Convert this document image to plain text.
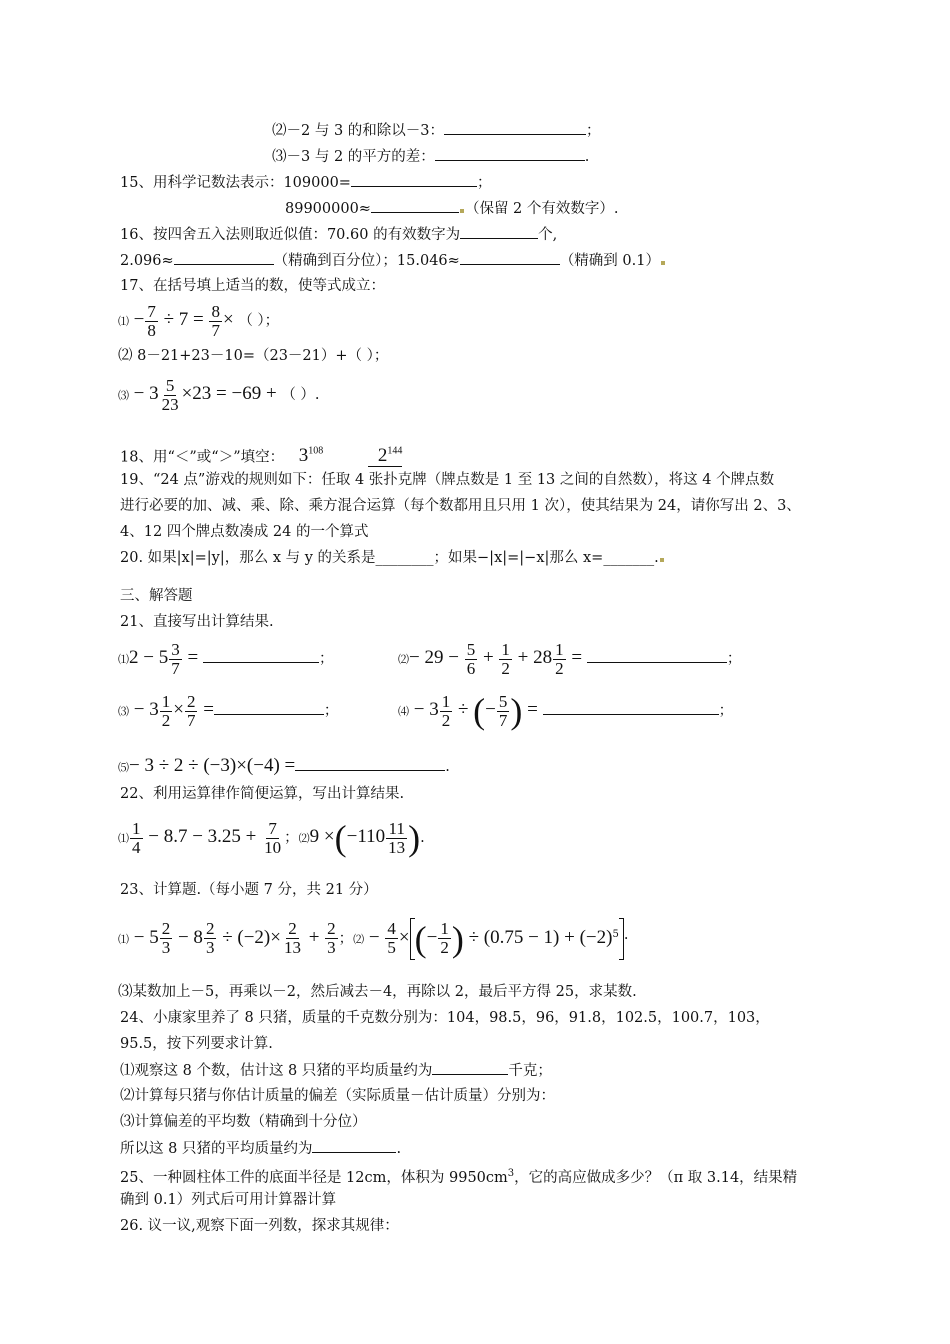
⑵－2 与 3 的和除以－3：	；
⑶－3 与 2 的平方的差：	.
15、用科学记数法表示：109000=	；
89900000≈	（保留 2 个有效数字）.
16、按四舍五入法则取近似值：70.60 的有效数字为	个,
2.096≈	（精确到百分位）；15.046≈	（精确到 0.1）
17、在括号填上适当的数，使等式成立：
⑴ − $\frac{7}{8} \div 7 = \frac{8}{7}$ × （ ）；
⑵ 8－21+23－10=（23－21）+（ ）；
⑶ − $3 \frac{5}{23} \times 23 = -69$ + （ ）.
18、用“＜”或“＞”填空： $3^{108}$	$2^{144}$
19、“24 点”游戏的规则如下：任取 4 张扑克牌（牌点数是 1 至 13 之间的自然数），将这 4 个牌点数
进行必要的加、减、乘、除、乘方混合运算（每个数都用且只用 1 次），使其结果为 24，请你写出 2、3、
4、12 四个牌点数凑成 24 的一个算式
20. 如果|x|=|y|，那么 x 与 y 的关系是________；如果−|x|=|−x|那么 x=_______.
三、解答题
21、直接写出计算结果.
⑴2 − $5 \frac{3}{7}$ =	；	⑵− $29 - \frac{5}{6} + \frac{1}{2} + 28 \frac{1}{2}$ =	；
⑶ − $3 \frac{1}{2} \times \frac{2}{7}$ =	；	⑷ − $3 \frac{1}{2}$ ÷ (− $\frac{5}{7}$ ) =	；
⑸− 3 ÷ 2 ÷ (−3)×(−4) =	.
22、利用运算律作简便运算，写出计算结果.
⑴ $\frac{1}{4} - 8.7 - 3.25 + \frac{7}{10}$ ；⑵9 $\times(-110 \frac{11}{13}$ ).
23、计算题.（每小题 7 分，共 21 分）
⑴ − $5 \frac{2}{3} - 8 \frac{2}{3} \div (-2)\times \frac{2}{13} + \frac{2}{3}$ ；⑵ − $\frac{4}{5}$ × (− $\frac{1}{2}$ ) ÷ $(0.75 - 1) + (-2)^5$ ·
⑶某数加上－5，再乘以－2，然后减去－4，再除以 2，最后平方得 25，求某数.
24、小康家里养了 8 只猪，质量的千克数分别为：104，98.5，96，91.8，102.5，100.7，103，
95.5，按下列要求计算.
⑴观察这 8 个数，估计这 8 只猪的平均质量约为	千克；
⑵计算每只猪与你估计质量的偏差（实际质量－估计质量）分别为：
⑶计算偏差的平均数（精确到十分位）
所以这 8 只猪的平均质量约为	.
25、一种圆柱体工件的底面半径是 12cm，体积为 $9950cm^3$，它的高应做成多少？（π 取 3.14，结果精
确到 0.1）列式后可用计算器计算
26. 议一议,观察下面一列数，探求其规律：
